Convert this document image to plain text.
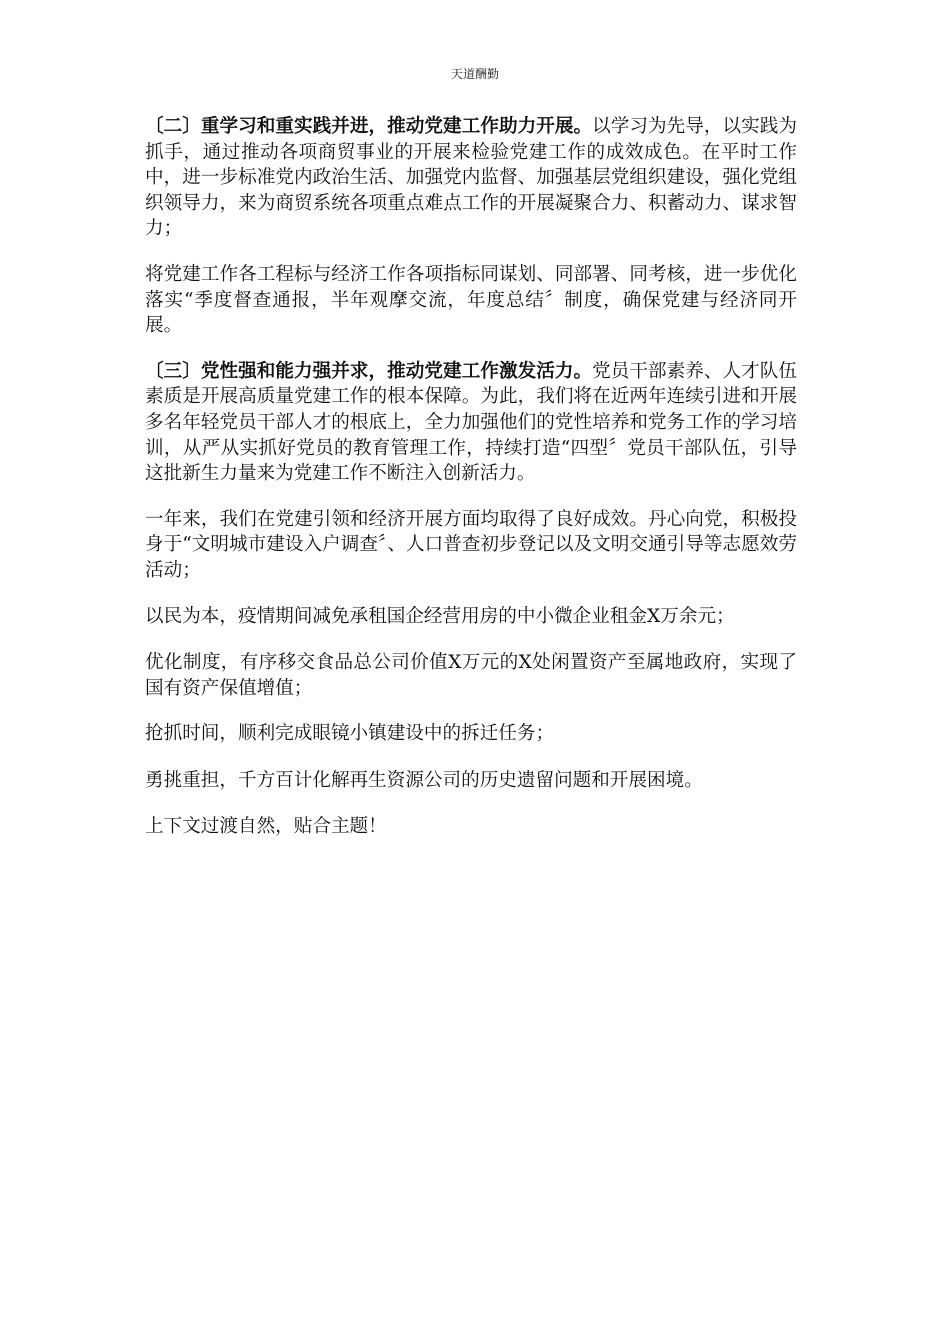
天道酬勤

〔二〕重学习和重实践并进，推动党建工作助力开展。以学习为先导，以实践为抓手，通过推动各项商贸事业的开展来检验党建工作的成效成色。在平时工作中，进一步标准党内政治生活、加强党内监督、加强基层党组织建设，强化党组织领导力，来为商贸系统各项重点难点工作的开展凝聚合力、积蓄动力、谋求智力；

将党建工作各工程标与经济工作各项指标同谋划、同部署、同考核，进一步优化落实“季度督查通报，半年观摩交流，年度总结〞制度，确保党建与经济同开展。

〔三〕党性强和能力强并求，推动党建工作激发活力。党员干部素养、人才队伍素质是开展高质量党建工作的根本保障。为此，我们将在近两年连续引进和开展多名年轻党员干部人才的根底上，全力加强他们的党性培养和党务工作的学习培训，从严从实抓好党员的教育管理工作，持续打造“四型〞党员干部队伍，引导这批新生力量来为党建工作不断注入创新活力。

一年来，我们在党建引领和经济开展方面均取得了良好成效。丹心向党，积极投身于“文明城市建设入户调查〞、人口普查初步登记以及文明交通引导等志愿效劳活动；

以民为本，疫情期间减免承租国企经营用房的中小微企业租金X万余元；

优化制度，有序移交食品总公司价值X万元的X处闲置资产至属地政府，实现了国有资产保值增值；

抢抓时间，顺利完成眼镜小镇建设中的拆迁任务；

勇挑重担，千方百计化解再生资源公司的历史遗留问题和开展困境。

上下文过渡自然，贴合主题！
